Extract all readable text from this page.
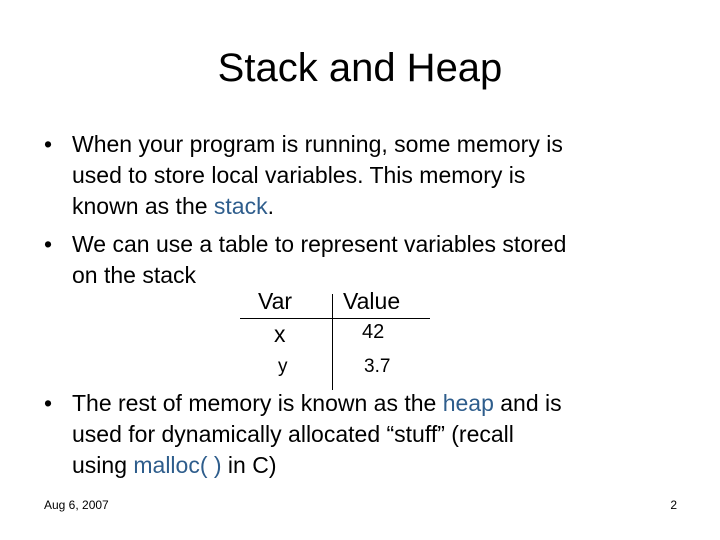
Stack and Heap
• When your program is running, some memory is
used to store local variables. This memory is
known as the stack.
• We can use a table to represent variables stored
on the stack
Var Value
x	42
y	3.7
• The rest of memory is known as the heap and is
used for dynamically allocated “stuff” (recall
using malloc( ) in C)
Aug 6, 2007	2
